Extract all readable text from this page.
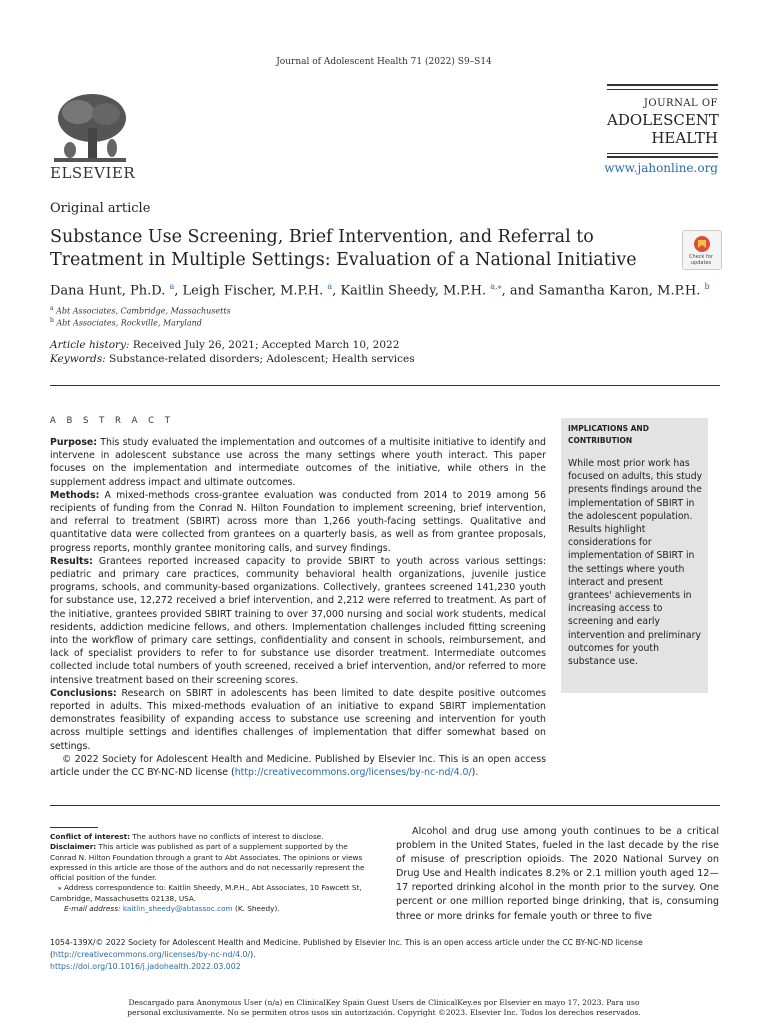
Journal of Adolescent Health 71 (2022) S9–S14
ELSEVIER
JOURNAL OF
ADOLESCENT
HEALTH
www.jahonline.org
Original article
Substance Use Screening, Brief Intervention, and Referral to Treatment in Multiple Settings: Evaluation of a National Initiative	Check for
updates
Dana Hunt, Ph.D. $^a$, Leigh Fischer, M.P.H. $^a$, Kaitlin Sheedy, M.P.H. $^{a,⁎}$, and Samantha Karon, M.P.H. $^b$
$^a$ Abt Associates, Cambridge, Massachusetts
$^b$ Abt Associates, Rockville, Maryland
Article history: Received July 26, 2021; Accepted March 10, 2022
Keywords: Substance-related disorders; Adolescent; Health services
A B S T R A C T

Purpose: This study evaluated the implementation and outcomes of a multisite initiative to identify and intervene in adolescent substance use across the many settings where youth interact. This paper focuses on the implementation and intermediate outcomes of the initiative, while others in the supplement address impact and ultimate outcomes.

Methods: A mixed-methods cross-grantee evaluation was conducted from 2014 to 2019 among 56 recipients of funding from the Conrad N. Hilton Foundation to implement screening, brief intervention, and referral to treatment (SBIRT) across more than 1,266 youth-facing settings. Qualitative and quantitative data were collected from grantees on a quarterly basis, as well as from grantee proposals, progress reports, monthly grantee monitoring calls, and survey findings.

Results: Grantees reported increased capacity to provide SBIRT to youth across various settings: pediatric and primary care practices, community behavioral health organizations, juvenile justice programs, schools, and community-based organizations. Collectively, grantees screened 141,230 youth for substance use, 12,272 received a brief intervention, and 2,212 were referred to treatment. As part of the initiative, grantees provided SBIRT training to over 37,000 nursing and social work students, medical residents, addiction medicine fellows, and others. Implementation challenges included fitting screening into the workflow of primary care settings, confidentiality and consent in schools, reimbursement, and lack of specialist providers to refer to for substance use disorder treatment. Intermediate outcomes collected include total numbers of youth screened, received a brief intervention, and/or referred to more intensive treatment based on their screening scores.

Conclusions: Research on SBIRT in adolescents has been limited to date despite positive outcomes reported in adults. This mixed-methods evaluation of an initiative to expand SBIRT implementation demonstrates feasibility of expanding access to substance use screening and intervention for youth across multiple settings and identifies challenges of implementation that differ somewhat based on settings.

© 2022 Society for Adolescent Health and Medicine. Published by Elsevier Inc. This is an open access article under the CC BY-NC-ND license (http://creativecommons.org/licenses/by-nc-nd/4.0/).

IMPLICATIONS AND CONTRIBUTION
While most prior work has focused on adults, this study presents findings around the implementation of SBIRT in the adolescent population. Results highlight considerations for implementation of SBIRT in the settings where youth interact and present grantees' achievements in increasing access to screening and early intervention and preliminary outcomes for youth substance use.

Conflict of interest: The authors have no conflicts of interest to disclose.

Disclaimer: This article was published as part of a supplement supported by the Conrad N. Hilton Foundation through a grant to Abt Associates. The opinions or views expressed in this article are those of the authors and do not necessarily represent the official position of the funder.

⁎ Address correspondence to: Kaitlin Sheedy, M.P.H., Abt Associates, 10 Fawcett St, Cambridge, Massachusetts 02138, USA.

E-mail address: kaitlin_sheedy@abtassoc.com (K. Sheedy).

Alcohol and drug use among youth continues to be a critical problem in the United States, fueled in the last decade by the rise of misuse of prescription opioids. The 2020 National Survey on Drug Use and Health indicates 8.2% or 2.1 million youth aged 12—17 reported drinking alcohol in the month prior to the survey. One percent or one million reported binge drinking, that is, consuming three or more drinks for female youth or three to five
1054-139X/© 2022 Society for Adolescent Health and Medicine. Published by Elsevier Inc. This is an open access article under the CC BY-NC-ND license (http://creativecommons.org/licenses/by-nc-nd/4.0/).
https://doi.org/10.1016/j.jadohealth.2022.03.002
Descargado para Anonymous User (n/a) en ClinicalKey Spain Guest Users de ClinicalKey.es por Elsevier en mayo 17, 2023. Para uso
personal exclusivamente. No se permiten otros usos sin autorización. Copyright ©2023. Elsevier Inc. Todos los derechos reservados.
